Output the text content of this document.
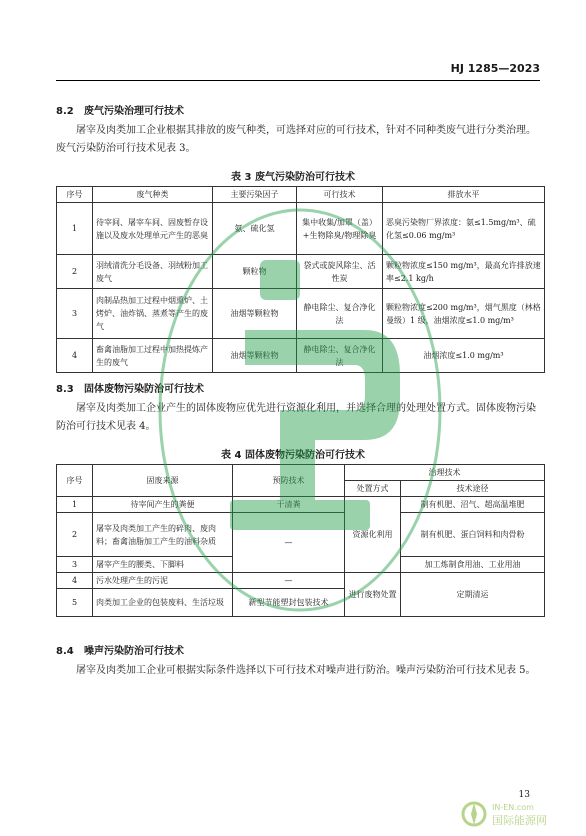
HJ 1285—2023
8.2 废气污染治理可行技术
屠宰及肉类加工企业根据其排放的废气种类，可选择对应的可行技术，针对不同种类废气进行分类治理。废气污染防治可行技术见表 3。
表 3 废气污染防治可行技术
序号	废气种类	主要污染因子	可行技术	排放水平
1	待宰间、屠宰车间、固废暂存设施以及废水处理单元产生的恶臭	氨、硫化氢	集中收集/加罩（盖）+生物除臭/物理除臭	恶臭污染物厂界浓度：氨≤1.5mg/m³、硫化氢≤0.06 mg/m³
2	羽绒清洗分毛设备、羽绒粉加工废气	颗粒物	袋式或旋风除尘、活性炭	颗粒物浓度≤150 mg/m³，最高允许排放速率≤2.1 kg/h
3	肉制品热加工过程中烟熏炉、土烤炉、油炸锅、蒸煮等产生的废气	油烟等颗粒物	静电除尘、复合净化法	颗粒物浓度≤200 mg/m³，烟气黑度（林格曼级）1 级，油烟浓度≤1.0 mg/m³
4	畜禽油脂加工过程中加热提炼产生的废气	油烟等颗粒物	静电除尘、复合净化法	油烟浓度≤1.0 mg/m³
8.3 固体废物污染防治可行技术
屠宰及肉类加工企业产生的固体废物应优先进行资源化利用，并选择合理的处理处置方式。固体废物污染防治可行技术见表 4。
表 4 固体废物污染防治可行技术
序号	固废来源	预防技术	治理技术	
			处置方式	技术途径
1	待宰间产生的粪便	干清粪	资源化利用	制有机肥、沼气、超高温堆肥
2	屠宰及肉类加工产生的碎肉、废肉料；畜禽油脂加工产生的油料杂质	—		制有机肥、蛋白饲料和肉骨粉
3	屠宰产生的腰类、下脚料			加工炼制食用油、工业用油
4	污水处理产生的污泥	—	进行废物处置	定期清运
5	肉类加工企业的包装废料、生活垃圾	新型节能塑封包装技术		
8.4 噪声污染防治可行技术
屠宰及肉类加工企业可根据实际条件选择以下可行技术对噪声进行防治。噪声污染防治可行技术见表 5。
13
IN-EN.com
国际能源网
